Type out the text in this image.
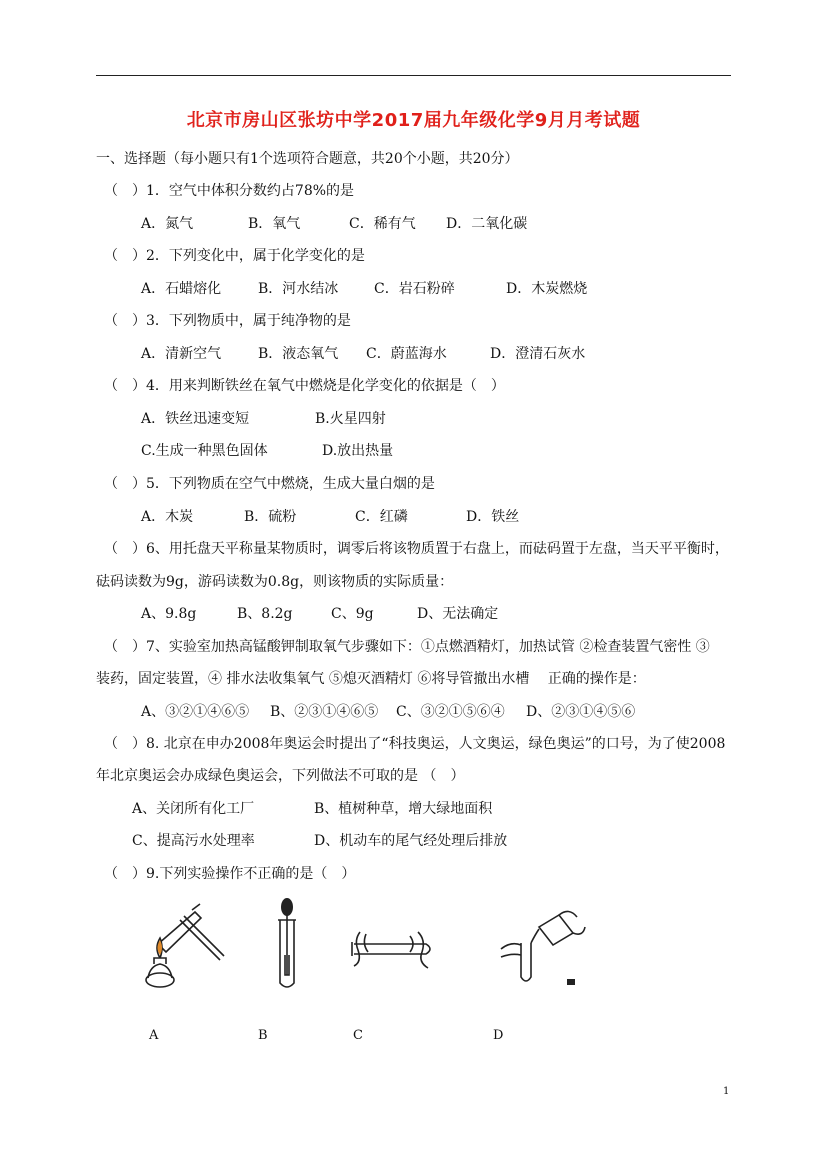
北京市房山区张坊中学2017届九年级化学9月月考试题
一、选择题（每小题只有1个选项符合题意，共20个小题，共20分）
（　）1．空气中体积分数约占78%的是
A．氮气	B．氧气	C．稀有气 D．二氧化碳
（　）2．下列变化中，属于化学变化的是
A．石蜡熔化	B．河水结冰	C．岩石粉碎	D．木炭燃烧
（　）3．下列物质中，属于纯净物的是
A．清新空气	B．液态氧气 C．蔚蓝海水	D．澄清石灰水
（　）4．用来判断铁丝在氧气中燃烧是化学变化的依据是（　）
A．铁丝迅速变短	B.火星四射
C.生成一种黑色固体	D.放出热量
（　）5．下列物质在空气中燃烧，生成大量白烟的是
A．木炭	B．硫粉	C．红磷	D．铁丝
（　）6、用托盘天平称量某物质时，调零后将该物质置于右盘上，而砝码置于左盘，当天平平衡时，
砝码读数为9g，游码读数为0.8g，则该物质的实际质量：
A、9.8g	B、8.2g	C、9g	D、无法确定
（　）7、实验室加热高锰酸钾制取氧气步骤如下：①点燃酒精灯，加热试管 ②检查装置气密性 ③
装药，固定装置，④ 排水法收集氧气 ⑤熄灭酒精灯 ⑥将导管撤出水槽　 正确的操作是：
A、③②①④⑥⑤ B、②③①④⑥⑤ C、③②①⑤⑥④ D、②③①④⑤⑥
（　）8. 北京在申办2008年奥运会时提出了“科技奥运，人文奥运，绿色奥运”的口号，为了使2008
年北京奥运会办成绿色奥运会，下列做法不可取的是 （　）
A、关闭所有化工厂	B、植树种草，增大绿地面积
C、提高污水处理率	D、机动车的尾气经处理后排放
（　）9.下列实验操作不正确的是（　）
A	B	C	D
1
